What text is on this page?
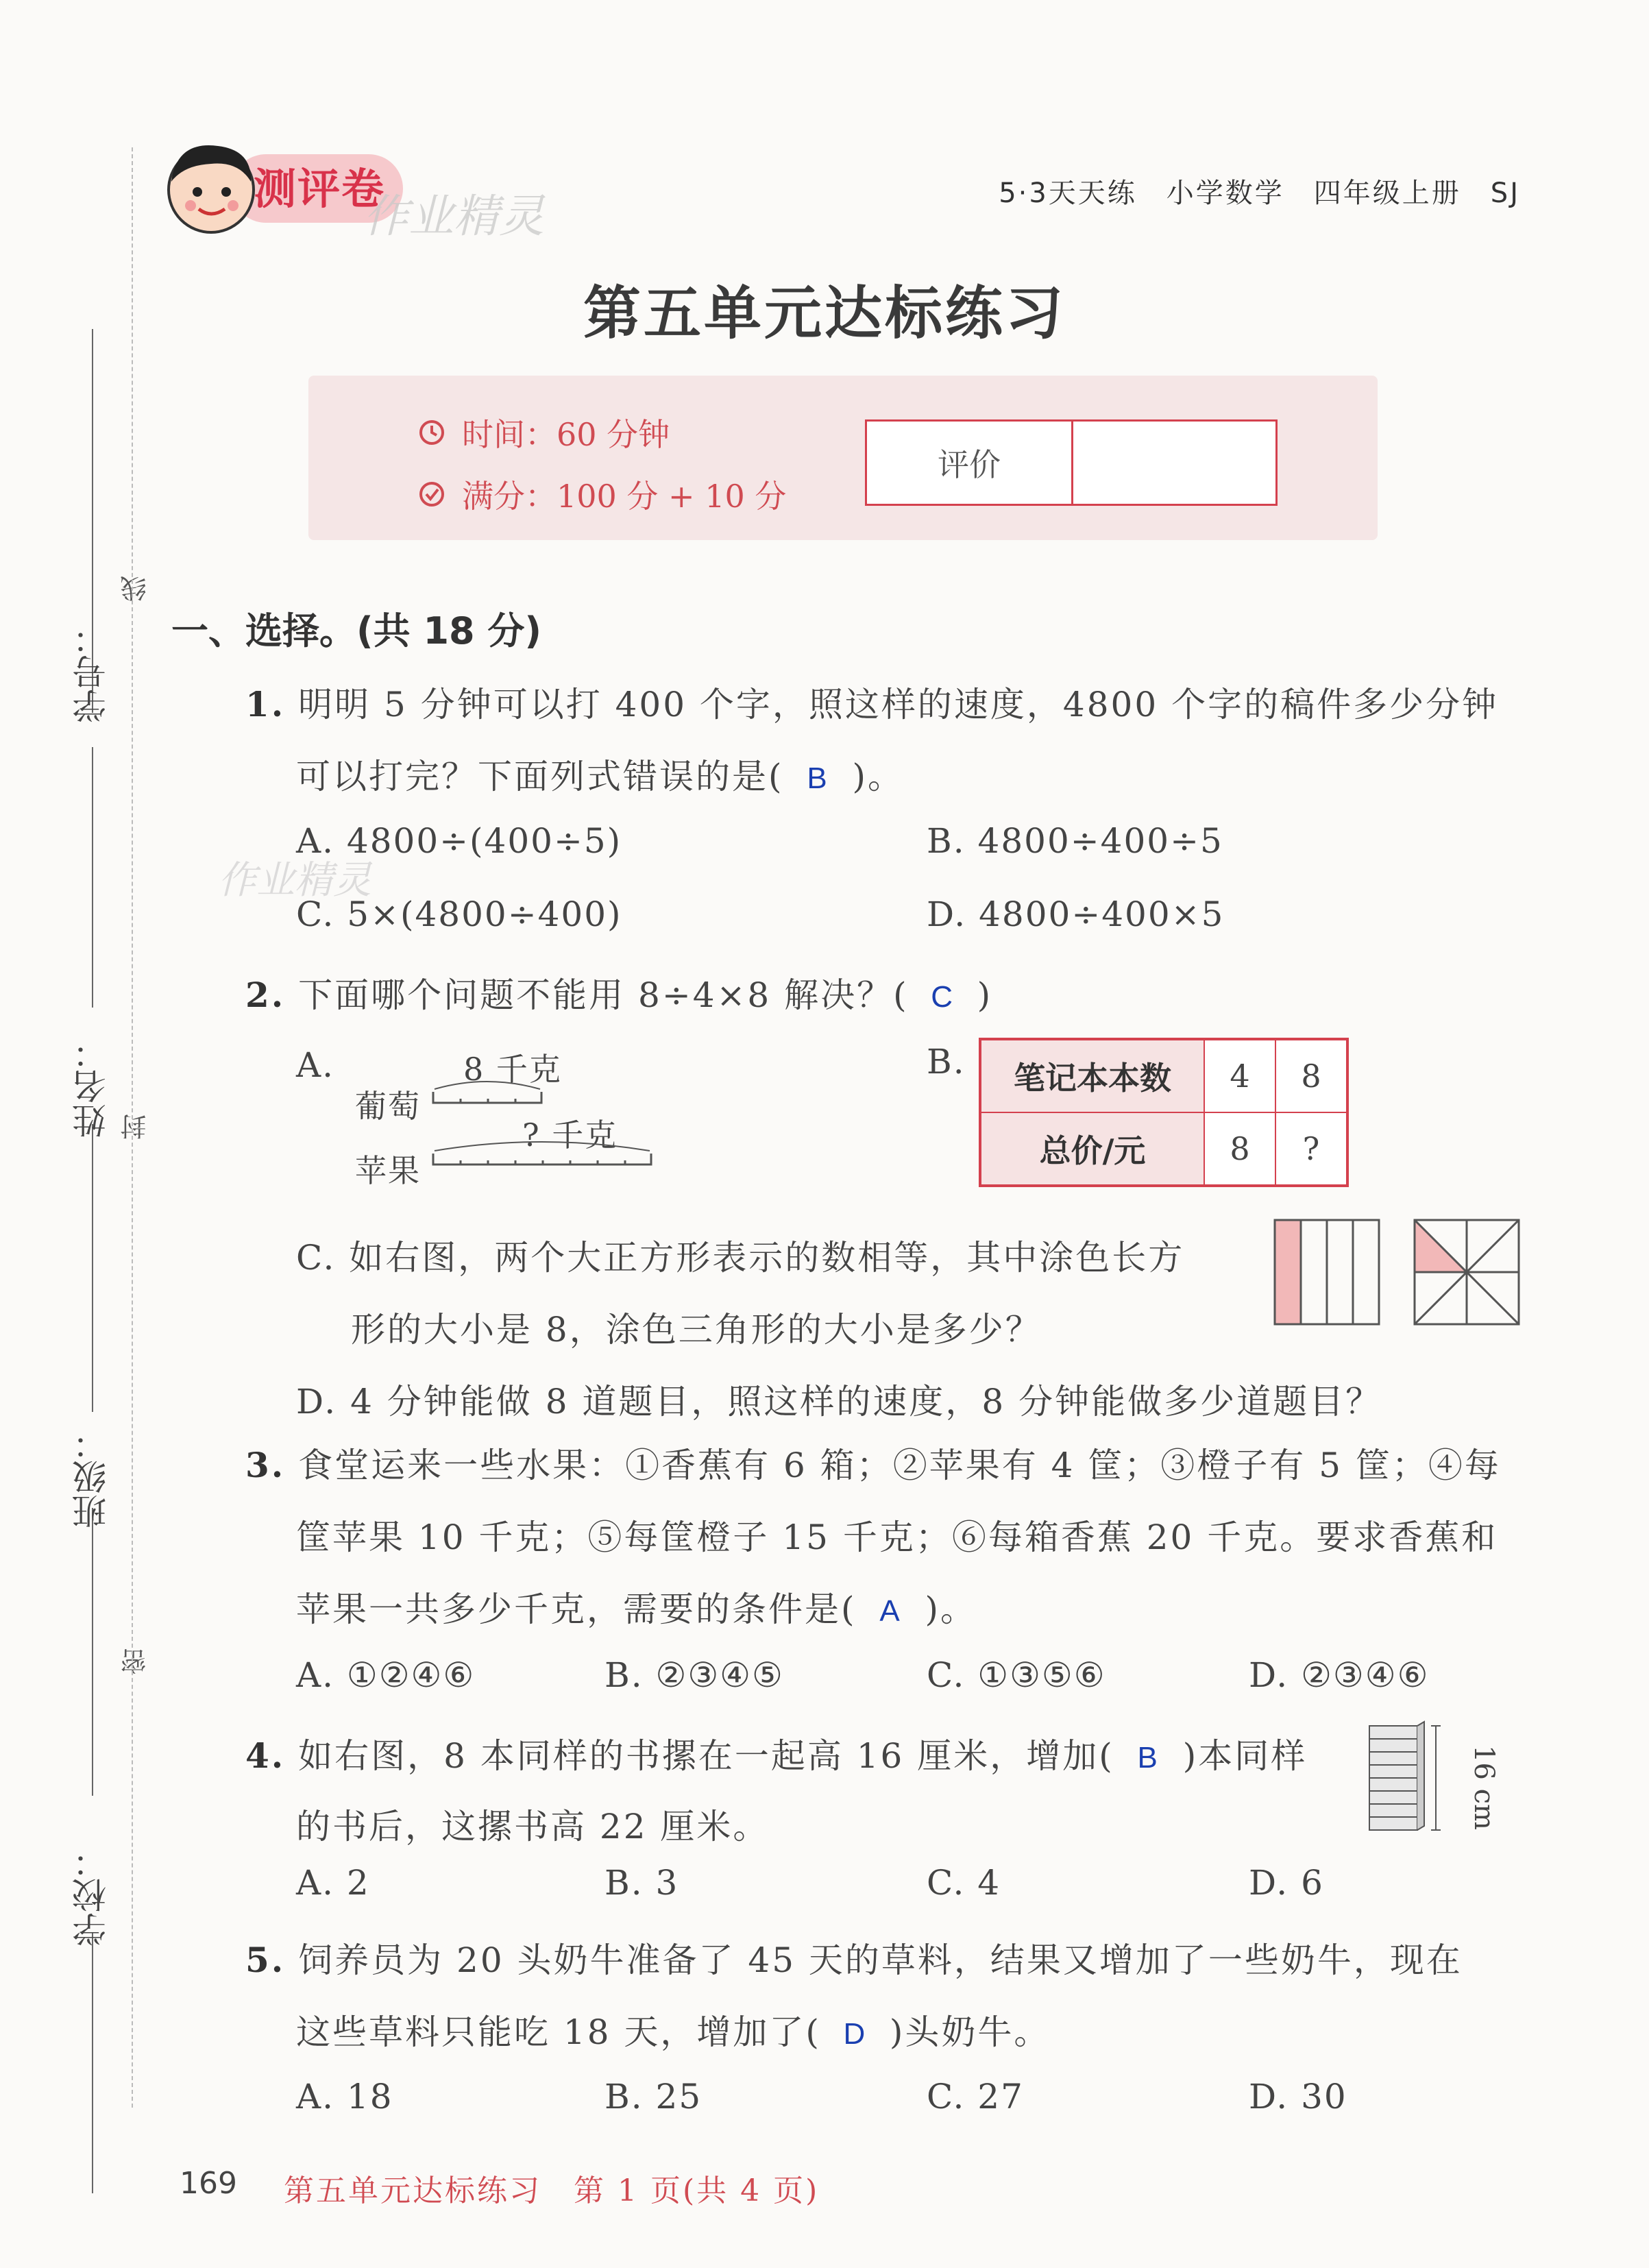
测评卷
作业精灵	5·3天天练　小学数学　四年级上册　SJ
第五单元达标练习
时间：60 分钟
满分：100 分 + 10 分
评价
学号：
姓名：
班级：
学校：
线
封
密
一、选择。(共 18 分)
1. 明明 5 分钟可以打 400 个字，照这样的速度，4800 个字的稿件多少分钟
可以打完？下面列式错误的是( B )。
A. 4800÷(400÷5)	B. 4800÷400÷5
C. 5×(4800÷400)	D. 4800÷400×5
作业精灵
2. 下面哪个问题不能用 8÷4×8 解决？( C )
A.
葡萄
8 千克
苹果
? 千克
B. 笔记本本数	4	8
总价/元	8	?
C. 如右图，两个大正方形表示的数相等，其中涂色长方
形的大小是 8，涂色三角形的大小是多少？
D. 4 分钟能做 8 道题目，照这样的速度，8 分钟能做多少道题目？
3. 食堂运来一些水果：①香蕉有 6 箱；②苹果有 4 筐；③橙子有 5 筐；④每
筐苹果 10 千克；⑤每筐橙子 15 千克；⑥每箱香蕉 20 千克。要求香蕉和
苹果一共多少千克，需要的条件是( A )。
A. ①②④⑥	B. ②③④⑤	C. ①③⑤⑥	D. ②③④⑥
4. 如右图，8 本同样的书摞在一起高 16 厘米，增加( B )本同样
的书后，这摞书高 22 厘米。	16 cm
A. 2	B. 3	C. 4	D. 6
5. 饲养员为 20 头奶牛准备了 45 天的草料，结果又增加了一些奶牛，现在
这些草料只能吃 18 天，增加了( D )头奶牛。
A. 18	B. 25	C. 27	D. 30
169 第五单元达标练习　第 1 页(共 4 页)
